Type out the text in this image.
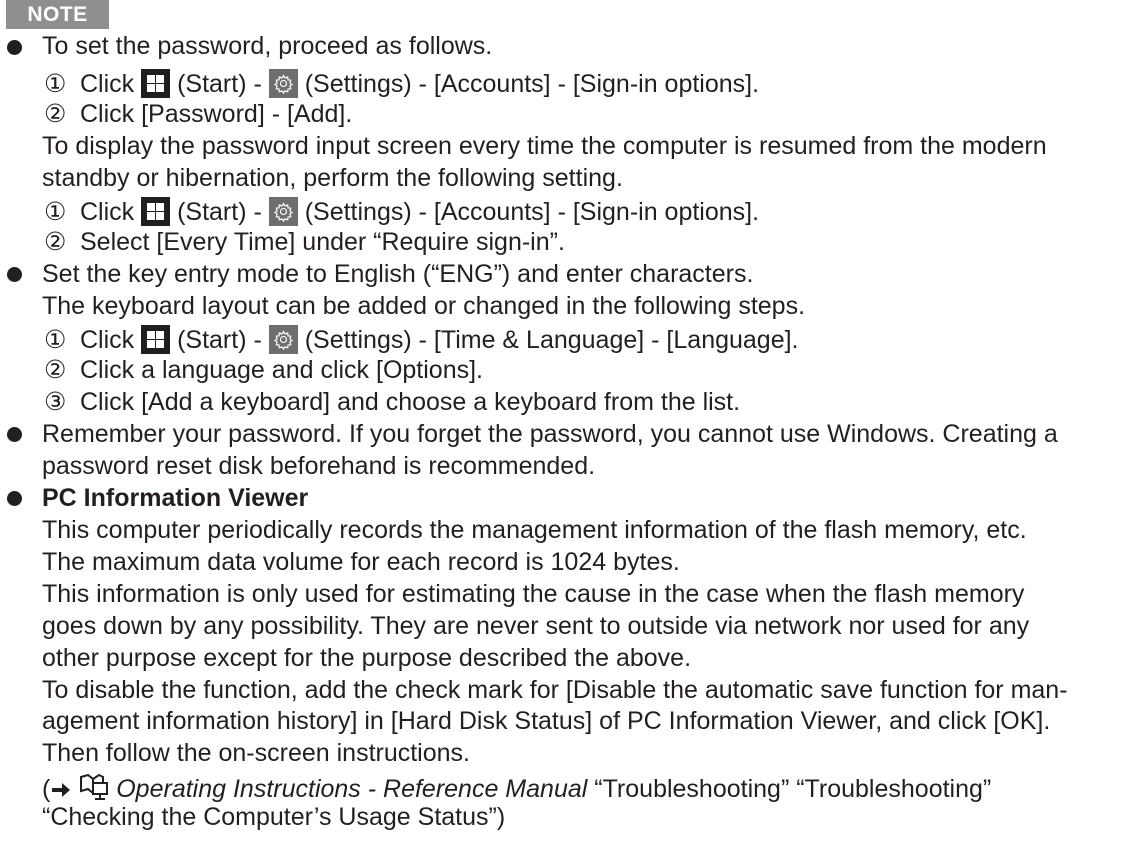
NOTE
To set the password, proceed as follows.
① Click (Start) - (Settings) - [Accounts] - [Sign-in options].
② Click [Password] - [Add].
To display the password input screen every time the computer is resumed from the modern
standby or hibernation, perform the following setting.
① Click (Start) - (Settings) - [Accounts] - [Sign-in options].
② Select [Every Time] under “Require sign-in”.
Set the key entry mode to English (“ENG”) and enter characters.
The keyboard layout can be added or changed in the following steps.
① Click (Start) - (Settings) - [Time & Language] - [Language].
② Click a language and click [Options].
③ Click [Add a keyboard] and choose a keyboard from the list.
Remember your password. If you forget the password, you cannot use Windows. Creating a
password reset disk beforehand is recommended.
PC Information Viewer
This computer periodically records the management information of the flash memory, etc.
The maximum data volume for each record is 1024 bytes.
This information is only used for estimating the cause in the case when the flash memory
goes down by any possibility. They are never sent to outside via network nor used for any
other purpose except for the purpose described the above.
To disable the function, add the check mark for [Disable the automatic save function for man-
agement information history] in [Hard Disk Status] of PC Information Viewer, and click [OK].
Then follow the on-screen instructions.
(	Operating Instructions - Reference Manual “Troubleshooting” “Troubleshooting”
“Checking the Computer’s Usage Status”)
